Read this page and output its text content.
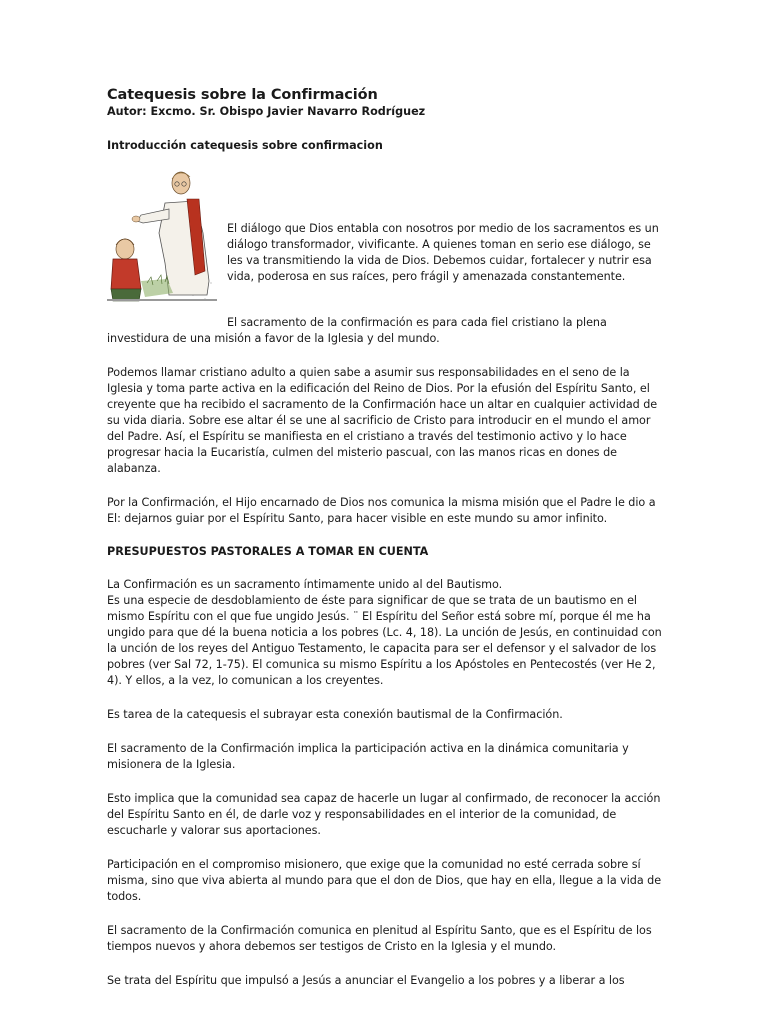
Catequesis sobre la Confirmación
Autor: Excmo. Sr. Obispo Javier Navarro Rodríguez
Introducción catequesis sobre confirmacion

El diálogo que Dios entabla con nosotros por medio de los sacramentos es un diálogo transformador, vivificante. A quienes toman en serio ese diálogo, se les va transmitiendo la vida de Dios. Debemos cuidar, fortalecer y nutrir esa vida, poderosa en sus raíces, pero frágil y amenazada constantemente.

El sacramento de la confirmación es para cada fiel cristiano la plena investidura de una misión a favor de la Iglesia y del mundo.

Podemos llamar cristiano adulto a quien sabe a asumir sus responsabilidades en el seno de la Iglesia y toma parte activa en la edificación del Reino de Dios. Por la efusión del Espíritu Santo, el creyente que ha recibido el sacramento de la Confirmación hace un altar en cualquier actividad de su vida diaria. Sobre ese altar él se une al sacrificio de Cristo para introducir en el mundo el amor del Padre. Así, el Espíritu se manifiesta en el cristiano a través del testimonio activo y lo hace progresar hacia la Eucaristía, culmen del misterio pascual, con las manos ricas en dones de alabanza.

Por la Confirmación, el Hijo encarnado de Dios nos comunica la misma misión que el Padre le dio a El: dejarnos guiar por el Espíritu Santo, para hacer visible en este mundo su amor infinito.

PRESUPUESTOS PASTORALES A TOMAR EN CUENTA

La Confirmación es un sacramento íntimamente unido al del Bautismo.

Es una especie de desdoblamiento de éste para significar de que se trata de un bautismo en el mismo Espíritu con el que fue ungido Jesús. ¨ El Espíritu del Señor está sobre mí, porque él me ha ungido para que dé la buena noticia a los pobres (Lc. 4, 18). La unción de Jesús, en continuidad con la unción de los reyes del Antiguo Testamento, le capacita para ser el defensor y el salvador de los pobres (ver Sal 72, 1-75). El comunica su mismo Espíritu a los Apóstoles en Pentecostés (ver He 2, 4). Y ellos, a la vez, lo comunican a los creyentes.

Es tarea de la catequesis el subrayar esta conexión bautismal de la Confirmación.

El sacramento de la Confirmación implica la participación activa en la dinámica comunitaria y misionera de la Iglesia.

Esto implica que la comunidad sea capaz de hacerle un lugar al confirmado, de reconocer la acción del Espíritu Santo en él, de darle voz y responsabilidades en el interior de la comunidad, de escucharle y valorar sus aportaciones.

Participación en el compromiso misionero, que exige que la comunidad no esté cerrada sobre sí misma, sino que viva abierta al mundo para que el don de Dios, que hay en ella, llegue a la vida de todos.

El sacramento de la Confirmación comunica en plenitud al Espíritu Santo, que es el Espíritu de los tiempos nuevos y ahora debemos ser testigos de Cristo en la Iglesia y el mundo.

Se trata del Espíritu que impulsó a Jesús a anunciar el Evangelio a los pobres y a liberar a los
